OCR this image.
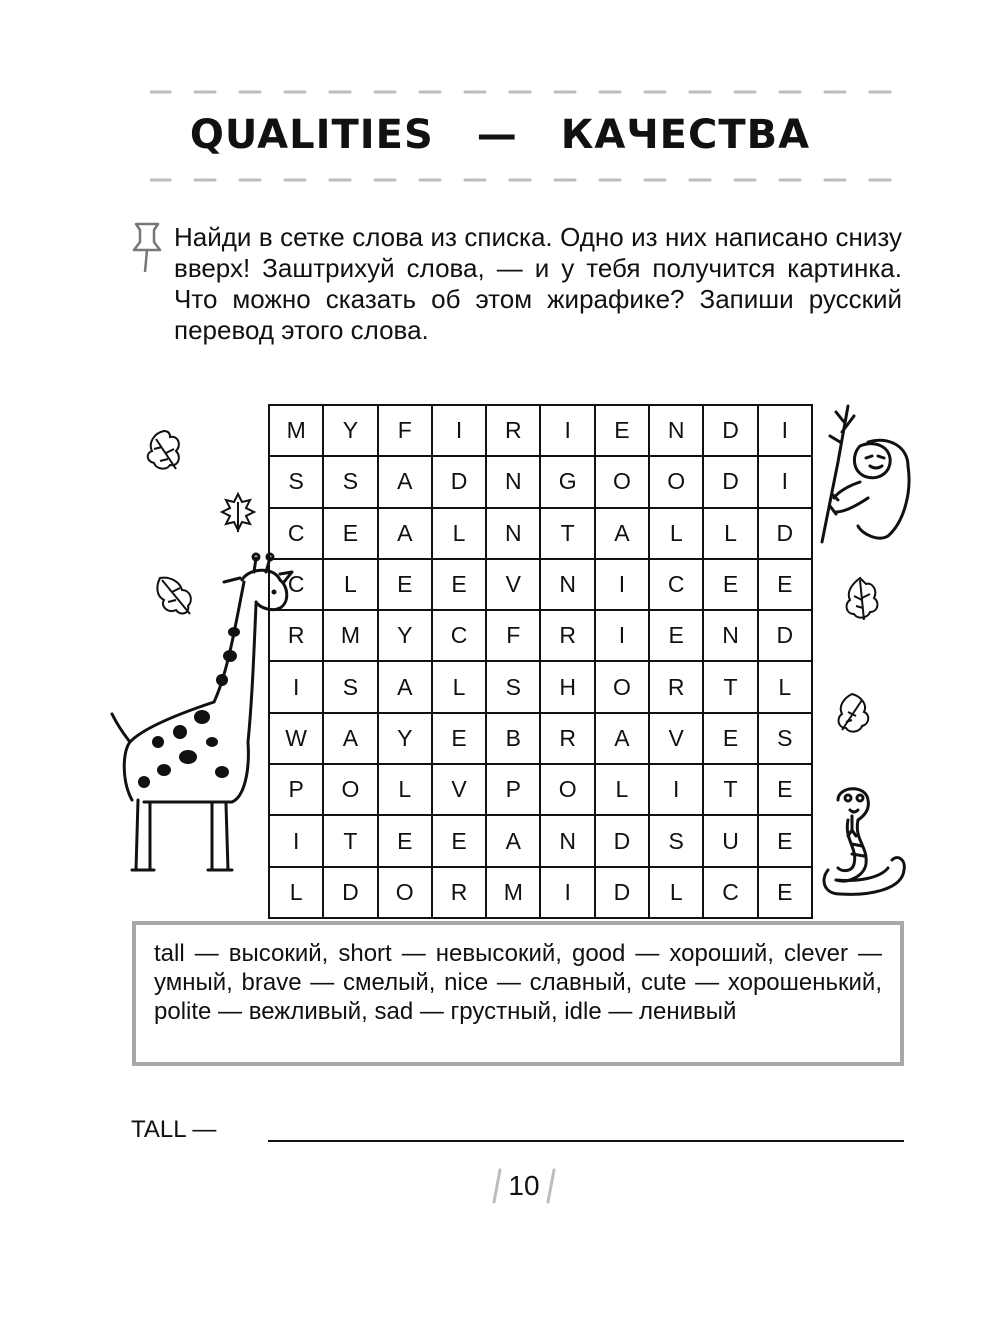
QUALITIES — КАЧЕСТВА
Найди в сетке слова из списка. Одно из них написано снизу вверх! Заштрихуй слова, — и у тебя получится картинка. Что можно сказать об этом жирафике? Запиши русский перевод этого слова.
M	Y	F	I	R	I	E	N	D	I
S	S	A	D	N	G	O	O	D	I
C	E	A	L	N	T	A	L	L	D
C	L	E	E	V	N	I	C	E	E
R	M	Y	C	F	R	I	E	N	D
I	S	A	L	S	H	O	R	T	L
W	A	Y	E	B	R	A	V	E	S
P	O	L	V	P	O	L	I	T	E
I	T	E	E	A	N	D	S	U	E
L	D	O	R	M	I	D	L	C	E
tall — высокий, short — невысокий, good — хороший, clever — умный, brave — смелый, nice — славный, cute — хорошенький, polite — вежливый, sad — грустный, idle — ленивый
TALL —
10
